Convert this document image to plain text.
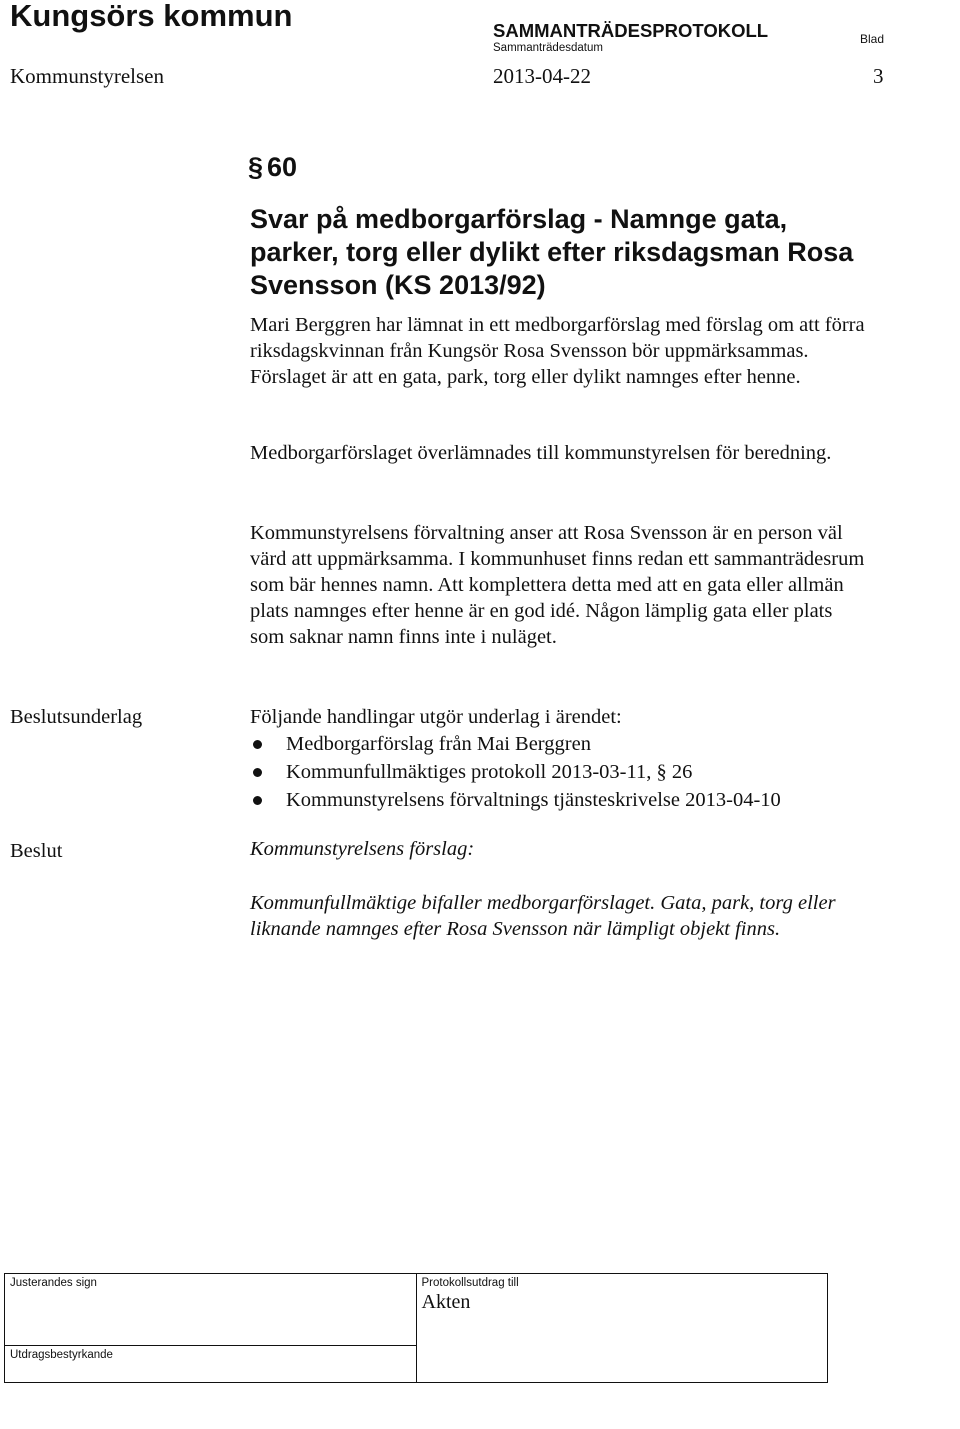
Kungsörs kommun	SAMMANTRÄDESPROTOKOLL
Sammanträdesdatum
Blad
Kommunstyrelsen	2013-04-22	3
§ 60
Svar på medborgarförslag - Namnge gata, parker, torg eller dylikt efter riksdagsman Rosa Svensson (KS 2013/92)

Mari Berggren har lämnat in ett medborgarförslag med förslag om att förra riksdagskvinnan från Kungsör Rosa Svensson bör uppmärksammas. Förslaget är att en gata, park, torg eller dylikt namnges efter henne.

Medborgarförslaget överlämnades till kommunstyrelsen för beredning.

Kommunstyrelsens förvaltning anser att Rosa Svensson är en person väl värd att uppmärksamma. I kommunhuset finns redan ett sammanträdesrum som bär hennes namn. Att komplettera detta med att en gata eller allmän plats namnges efter henne är en god idé. Någon lämplig gata eller plats som saknar namn finns inte i nuläget.

Beslutsunderlag	Följande handlingar utgör underlag i ärendet:
Medborgarförslag från Mai Berggren
Kommunfullmäktiges protokoll 2013-03-11, § 26
Kommunstyrelsens förvaltnings tjänsteskrivelse 2013-04-10
Beslut	Kommunstyrelsens förslag:
Kommunfullmäktige bifaller medborgarförslaget. Gata, park, torg eller liknande namnges efter Rosa Svensson när lämpligt objekt finns.
Justerandes sign	Protokollsutdrag till
Akten

Utdragsbestyrkande
